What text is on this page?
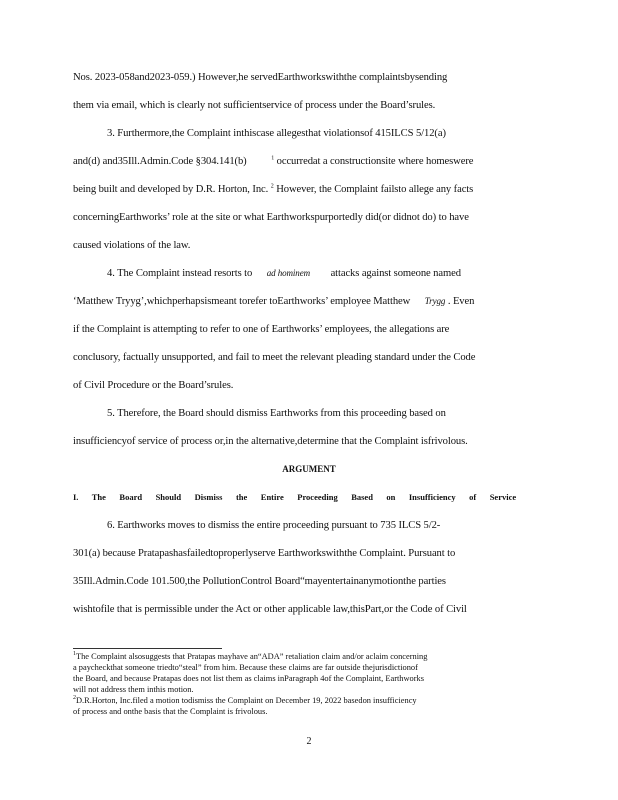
Nos. 2023-058and2023-059.) However,he servedEarthworkswiththe complaintsbysending
them via email, which is clearly not sufficientservice of process under the Board’srules.
3. Furthermore,the Complaint inthiscase allegesthat violationsof 415ILCS 5/12(a)
and(d) and35Ill.Admin.Code §304.141(b)	$^1$ occurredat a constructionsite where homeswere
being built and developed by D.R. Horton, Inc. $^2$ However, the Complaint failsto allege any facts
concerningEarthworks’ role at the site or what Earthworkspurportedly did(or didnot do) to have
caused violations of the law.
4. The Complaint instead resorts to ad hominem attacks against someone named
‘Matthew Tryyg’,whichperhapsismeant torefer toEarthworks’ employee Matthew Trygg . Even
if the Complaint is attempting to refer to one of Earthworks’ employees, the allegations are
conclusory, factually unsupported, and fail to meet the relevant pleading standard under the Code
of Civil Procedure or the Board’srules.
5. Therefore, the Board should dismiss Earthworks from this proceeding based on
insufficiencyof service of process or,in the alternative,determine that the Complaint isfrivolous.
ARGUMENT
I. The Board Should Dismiss the Entire Proceeding Based on Insufficiency of Service
6. Earthworks moves to dismiss the entire proceeding pursuant to 735 ILCS 5/2-
301(a) because Pratapashasfailedtoproperlyserve Earthworkswiththe Complaint. Pursuant to
35Ill.Admin.Code 101.500,the PollutionControl Board“mayentertainanymotionthe parties
wishtofile that is permissible under the Act or other applicable law,thisPart,or the Code of Civil
$^1$The Complaint alsosuggests that Pratapas mayhave an“ADA” retaliation claim and/or aclaim concerning
a paycheckthat someone triedto“steal” from him. Because these claims are far outside thejurisdictionof
the Board, and because Pratapas does not list them as claims inParagraph 4of the Complaint, Earthworks
will not address them inthis motion.
$^2$D.R.Horton, Inc.filed a motion todismiss the Complaint on December 19, 2022 basedon insufficiency
of process and onthe basis that the Complaint is frivolous.
2
